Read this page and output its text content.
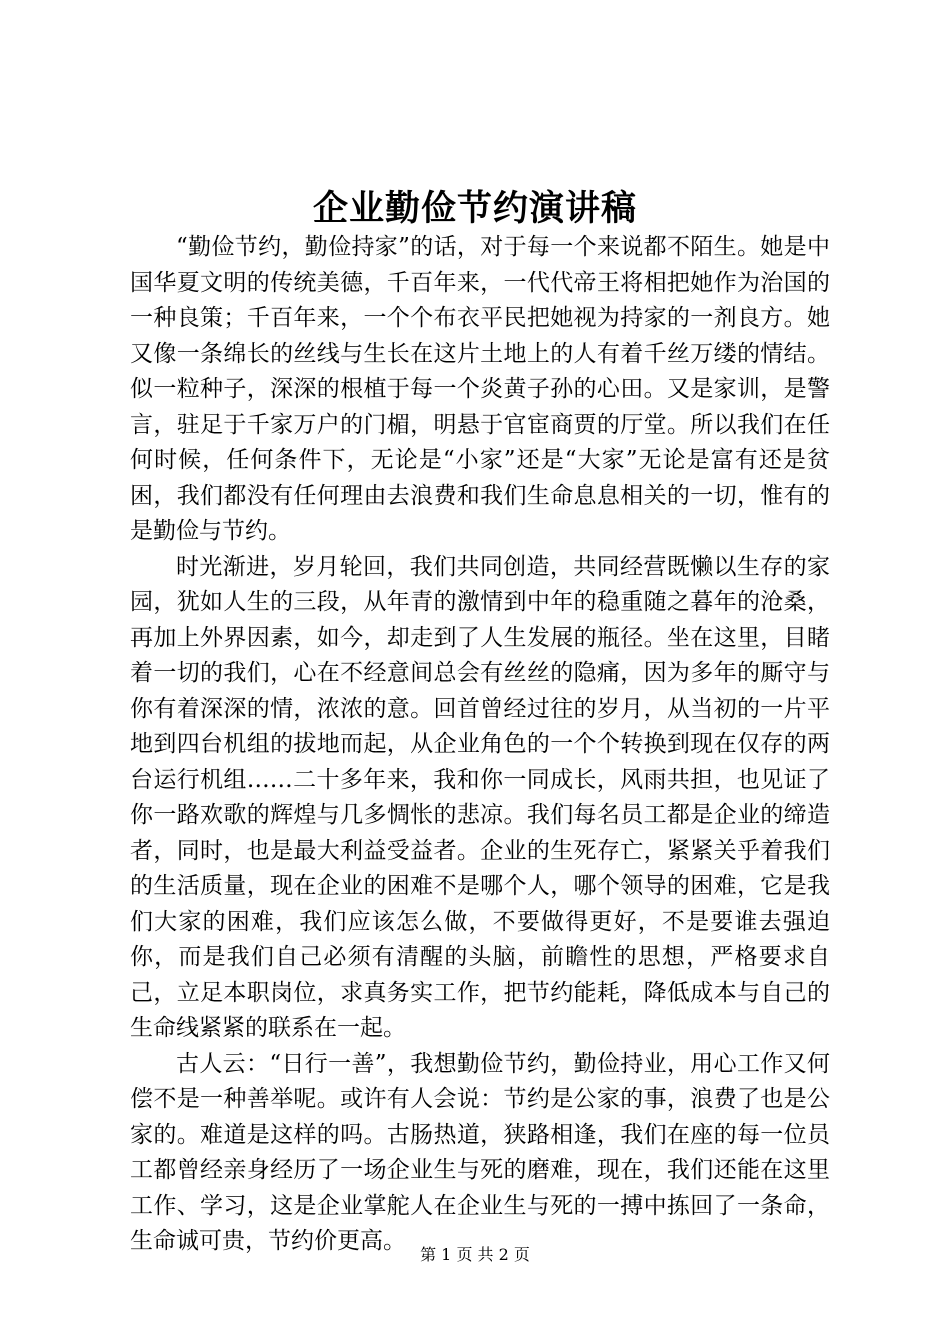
企业勤俭节约演讲稿

“勤俭节约，勤俭持家”的话，对于每一个来说都不陌生。她是中国华夏文明的传统美德，千百年来，一代代帝王将相把她作为治国的一种良策；千百年来，一个个布衣平民把她视为持家的一剂良方。她又像一条绵长的丝线与生长在这片土地上的人有着千丝万缕的情结。似一粒种子，深深的根植于每一个炎黄子孙的心田。又是家训，是警言，驻足于千家万户的门楣，明悬于官宦商贾的厅堂。所以我们在任何时候，任何条件下，无论是“小家”还是“大家”无论是富有还是贫困，我们都没有任何理由去浪费和我们生命息息相关的一切，惟有的是勤俭与节约。

时光渐进，岁月轮回，我们共同创造，共同经营既懒以生存的家园，犹如人生的三段，从年青的激情到中年的稳重随之暮年的沧桑，再加上外界因素，如今，却走到了人生发展的瓶径。坐在这里，目睹着一切的我们，心在不经意间总会有丝丝的隐痛，因为多年的厮守与你有着深深的情，浓浓的意。回首曾经过往的岁月，从当初的一片平地到四台机组的拔地而起，从企业角色的一个个转换到现在仅存的两台运行机组……二十多年来，我和你一同成长，风雨共担，也见证了你一路欢歌的辉煌与几多惆怅的悲凉。我们每名员工都是企业的缔造者，同时，也是最大利益受益者。企业的生死存亡，紧紧关乎着我们的生活质量，现在企业的困难不是哪个人，哪个领导的困难，它是我们大家的困难，我们应该怎么做，不要做得更好，不是要谁去强迫你，而是我们自己必须有清醒的头脑，前瞻性的思想，严格要求自己，立足本职岗位，求真务实工作，把节约能耗，降低成本与自己的生命线紧紧的联系在一起。

古人云：“日行一善”，我想勤俭节约，勤俭持业，用心工作又何偿不是一种善举呢。或许有人会说：节约是公家的事，浪费了也是公家的。难道是这样的吗。古肠热道，狭路相逢，我们在座的每一位员工都曾经亲身经历了一场企业生与死的磨难，现在，我们还能在这里工作、学习，这是企业掌舵人在企业生与死的一搏中拣回了一条命，生命诚可贵，节约价更高。

第 1 页 共 2 页
